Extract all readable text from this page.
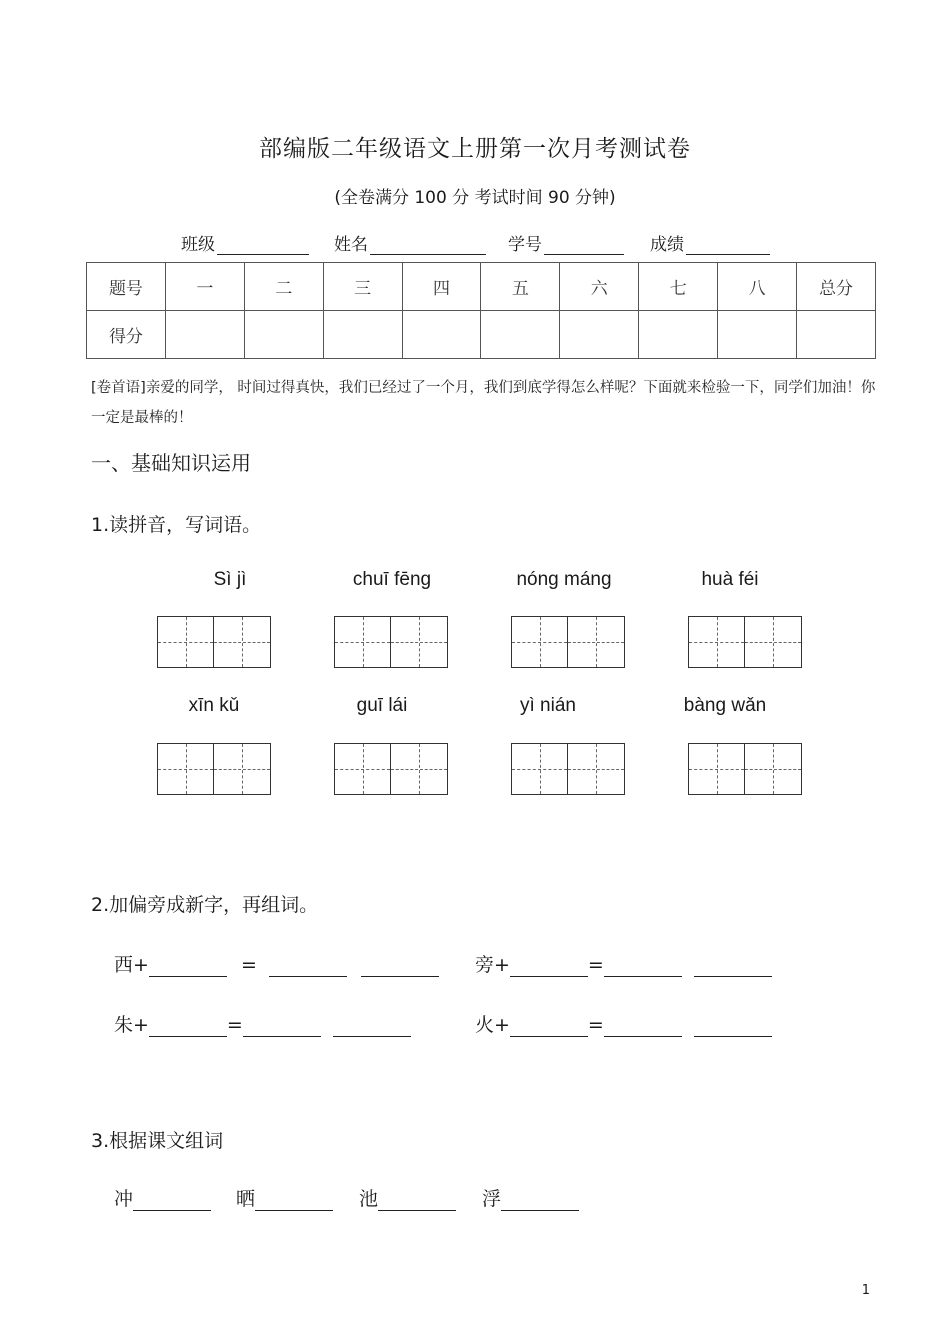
部编版二年级语文上册第一次月考测试卷
(全卷满分 100 分 考试时间 90 分钟)
班级	姓名	学号	成绩
题号	一	二	三	四	五	六	七	八	总分
得分									
[卷首语]亲爱的同学， 时间过得真快，我们已经过了一个月，我们到底学得怎么样呢？下面就来检验一下，同学们加油！你一定是最棒的！
一、基础知识运用
1.读拼音，写词语。
Sì jì	chuī fēng	nóng máng	huà féi
xīn kǔ	guī lái	yì nián	bàng wǎn
2.加偏旁成新字，再组词。
西+	=	旁+	=
朱+	=	火+	=
3.根据课文组词
冲	晒	池	浮
1
